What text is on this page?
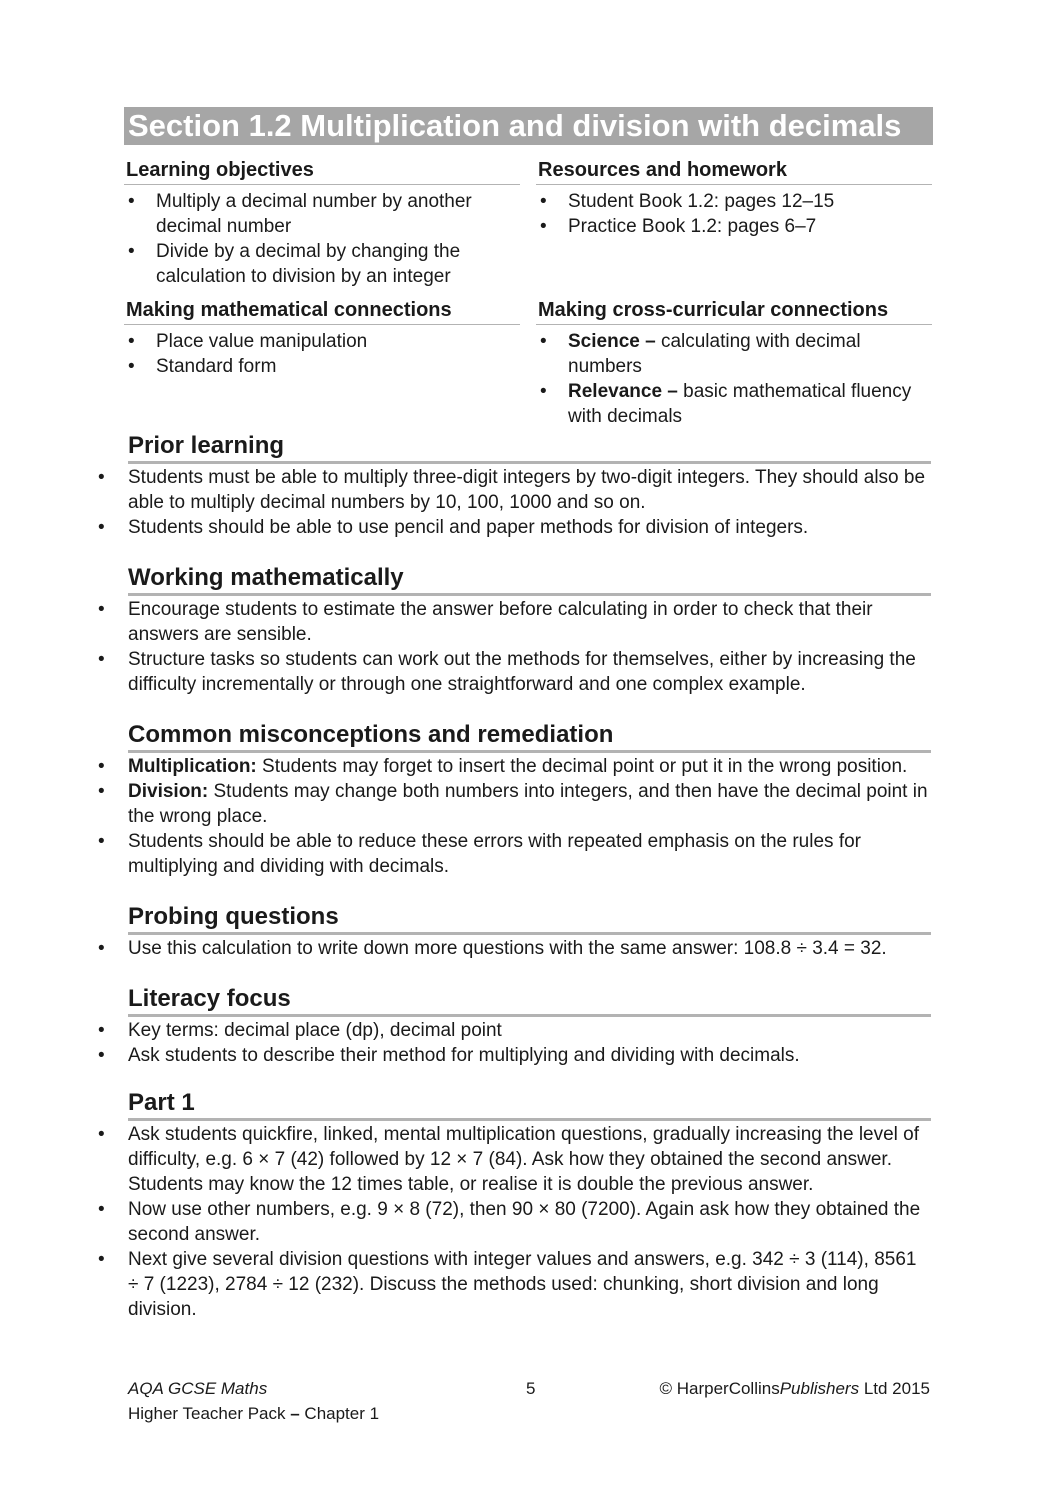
Section 1.2 Multiplication and division with decimals
Learning objectives
• Multiply a decimal number by another decimal number
• Divide by a decimal by changing the calculation to division by an integer
Resources and homework
• Student Book 1.2: pages 12–15
• Practice Book 1.2: pages 6–7
Making mathematical connections
• Place value manipulation
• Standard form
Making cross-curricular connections
• Science – calculating with decimal numbers
• Relevance – basic mathematical fluency with decimals
Prior learning
• Students must be able to multiply three-digit integers by two-digit integers. They should also be able to multiply decimal numbers by 10, 100, 1000 and so on.
• Students should be able to use pencil and paper methods for division of integers.
Working mathematically
• Encourage students to estimate the answer before calculating in order to check that their answers are sensible.
• Structure tasks so students can work out the methods for themselves, either by increasing the difficulty incrementally or through one straightforward and one complex example.
Common misconceptions and remediation
• Multiplication: Students may forget to insert the decimal point or put it in the wrong position.
• Division: Students may change both numbers into integers, and then have the decimal point in the wrong place.
• Students should be able to reduce these errors with repeated emphasis on the rules for multiplying and dividing with decimals.
Probing questions
• Use this calculation to write down more questions with the same answer: 108.8 ÷ 3.4 = 32.
Literacy focus
• Key terms: decimal place (dp), decimal point
• Ask students to describe their method for multiplying and dividing with decimals.
Part 1
• Ask students quickfire, linked, mental multiplication questions, gradually increasing the level of difficulty, e.g. 6 × 7 (42) followed by 12 × 7 (84). Ask how they obtained the second answer. Students may know the 12 times table, or realise it is double the previous answer.
• Now use other numbers, e.g. 9 × 8 (72), then 90 × 80 (7200). Again ask how they obtained the second answer.
• Next give several division questions with integer values and answers, e.g. 342 ÷ 3 (114), 8561 ÷ 7 (1223), 2784 ÷ 12 (232). Discuss the methods used: chunking, short division and long division.
AQA GCSE Maths
Higher Teacher Pack – Chapter 1
5	© HarperCollinsPublishers Ltd 2015
